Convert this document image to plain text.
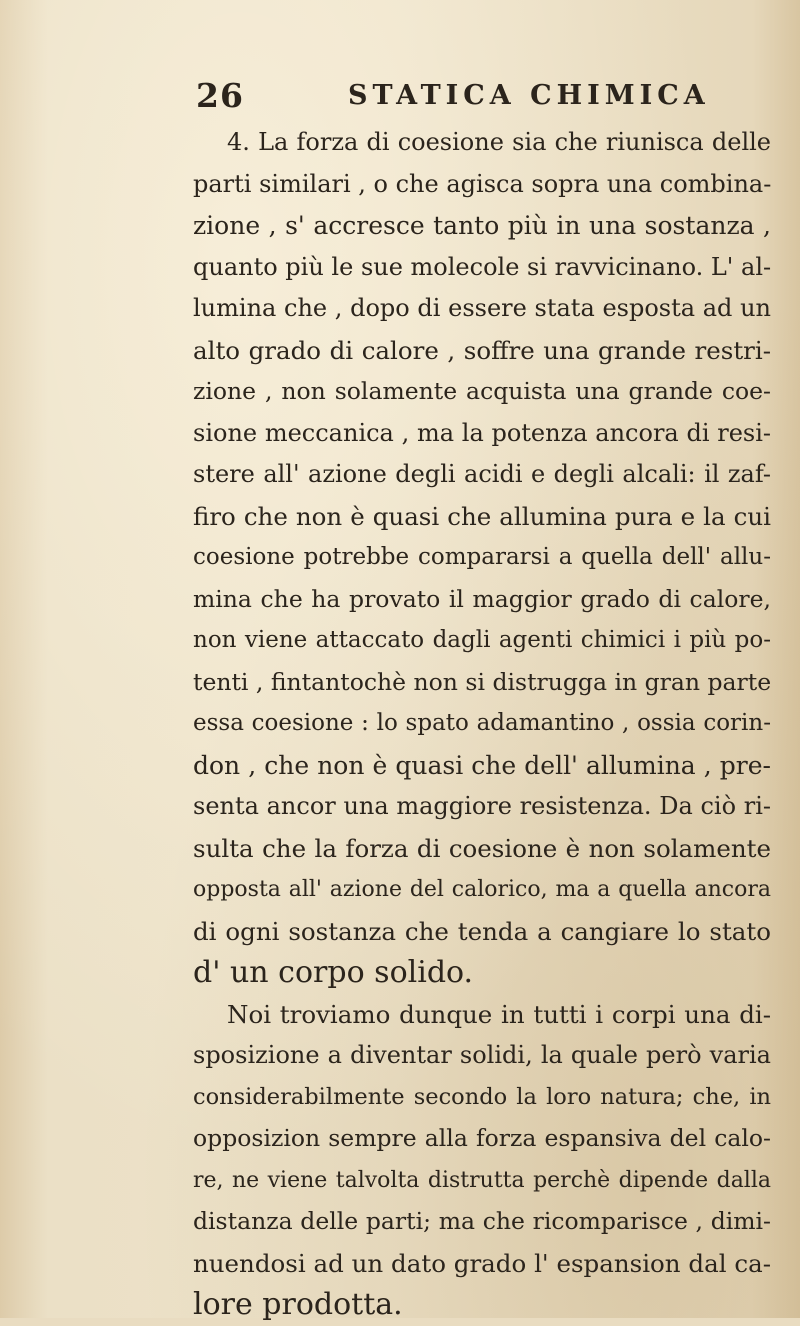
26	STATICA CHIMICA
4. La forza di coesione sia che riunisca delle
parti similari , o che agisca sopra una combina-
zione , s' accresce tanto più in una sostanza ,
quanto più le sue molecole si ravvicinano. L' al-
lumina che , dopo di essere stata esposta ad un
alto grado di calore , soffre una grande restri-
zione , non solamente acquista una grande coe-
sione meccanica , ma la potenza ancora di resi-
stere all' azione degli acidi e degli alcali: il zaf-
firo che non è quasi che allumina pura e la cui
coesione potrebbe compararsi a quella dell' allu-
mina che ha provato il maggior grado di calore,
non viene attaccato dagli agenti chimici i più po-
tenti , fintantochè non si distrugga in gran parte
essa coesione : lo spato adamantino , ossia corin-
don , che non è quasi che dell' allumina , pre-
senta ancor una maggiore resistenza. Da ciò ri-
sulta che la forza di coesione è non solamente
opposta all' azione del calorico, ma a quella ancora
di ogni sostanza che tenda a cangiare lo stato
d' un corpo solido.
Noi troviamo dunque in tutti i corpi una di-
sposizione a diventar solidi, la quale però varia
considerabilmente secondo la loro natura; che, in
opposizion sempre alla forza espansiva del calo-
re, ne viene talvolta distrutta perchè dipende dalla
distanza delle parti; ma che ricomparisce , dimi-
nuendosi ad un dato grado l' espansion dal ca-
lore prodotta.
